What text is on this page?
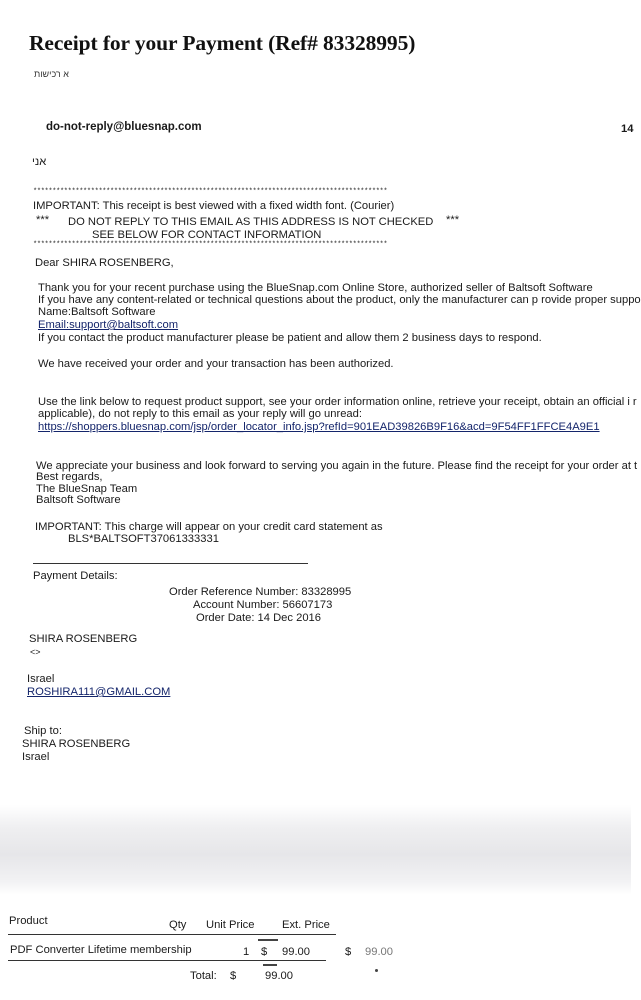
Receipt for your Payment (Ref# 83328995)
א רכישות
do-not-reply@bluesnap.com	14
אני
********************************************************************************************
IMPORTANT: This receipt is best viewed with a fixed width font. (Courier)
*** DO NOT REPLY TO THIS EMAIL AS THIS ADDRESS IS NOT CHECKED ***
SEE BELOW FOR CONTACT INFORMATION
********************************************************************************************
Dear SHIRA ROSENBERG,
Thank you for your recent purchase using the BlueSnap.com Online Store, authorized seller of Baltsoft Software
If you have any content-related or technical questions about the product, only the manufacturer can p rovide proper suppo
Name:Baltsoft Software
Email:support@baltsoft.com
If you contact the product manufacturer please be patient and allow them 2 business days to respond.
We have received your order and your transaction has been authorized.
Use the link below to request product support, see your order information online, retrieve your receipt, obtain an official i r
applicable), do not reply to this email as your reply will go unread:
https://shoppers.bluesnap.com/jsp/order_locator_info.jsp?refId=901EAD39826B9F16&acd=9F54FF1FFCE4A9E1
We appreciate your business and look forward to serving you again in the future. Please find the receipt for your order at t
Best regards,
The BlueSnap Team
Baltsoft Software
IMPORTANT: This charge will appear on your credit card statement as
BLS*BALTSOFT37061333331
Payment Details:
Order Reference Number: 83328995
Account Number: 56607173
Order Date: 14 Dec 2016
SHIRA ROSENBERG
<>
Israel
ROSHIRA111@GMAIL.COM
Ship to:
SHIRA ROSENBERG
Israel
Product	Qty Unit Price Ext. Price
PDF Converter Lifetime membership	1 $ 99.00	$ 99.00
Total: $	99.00
